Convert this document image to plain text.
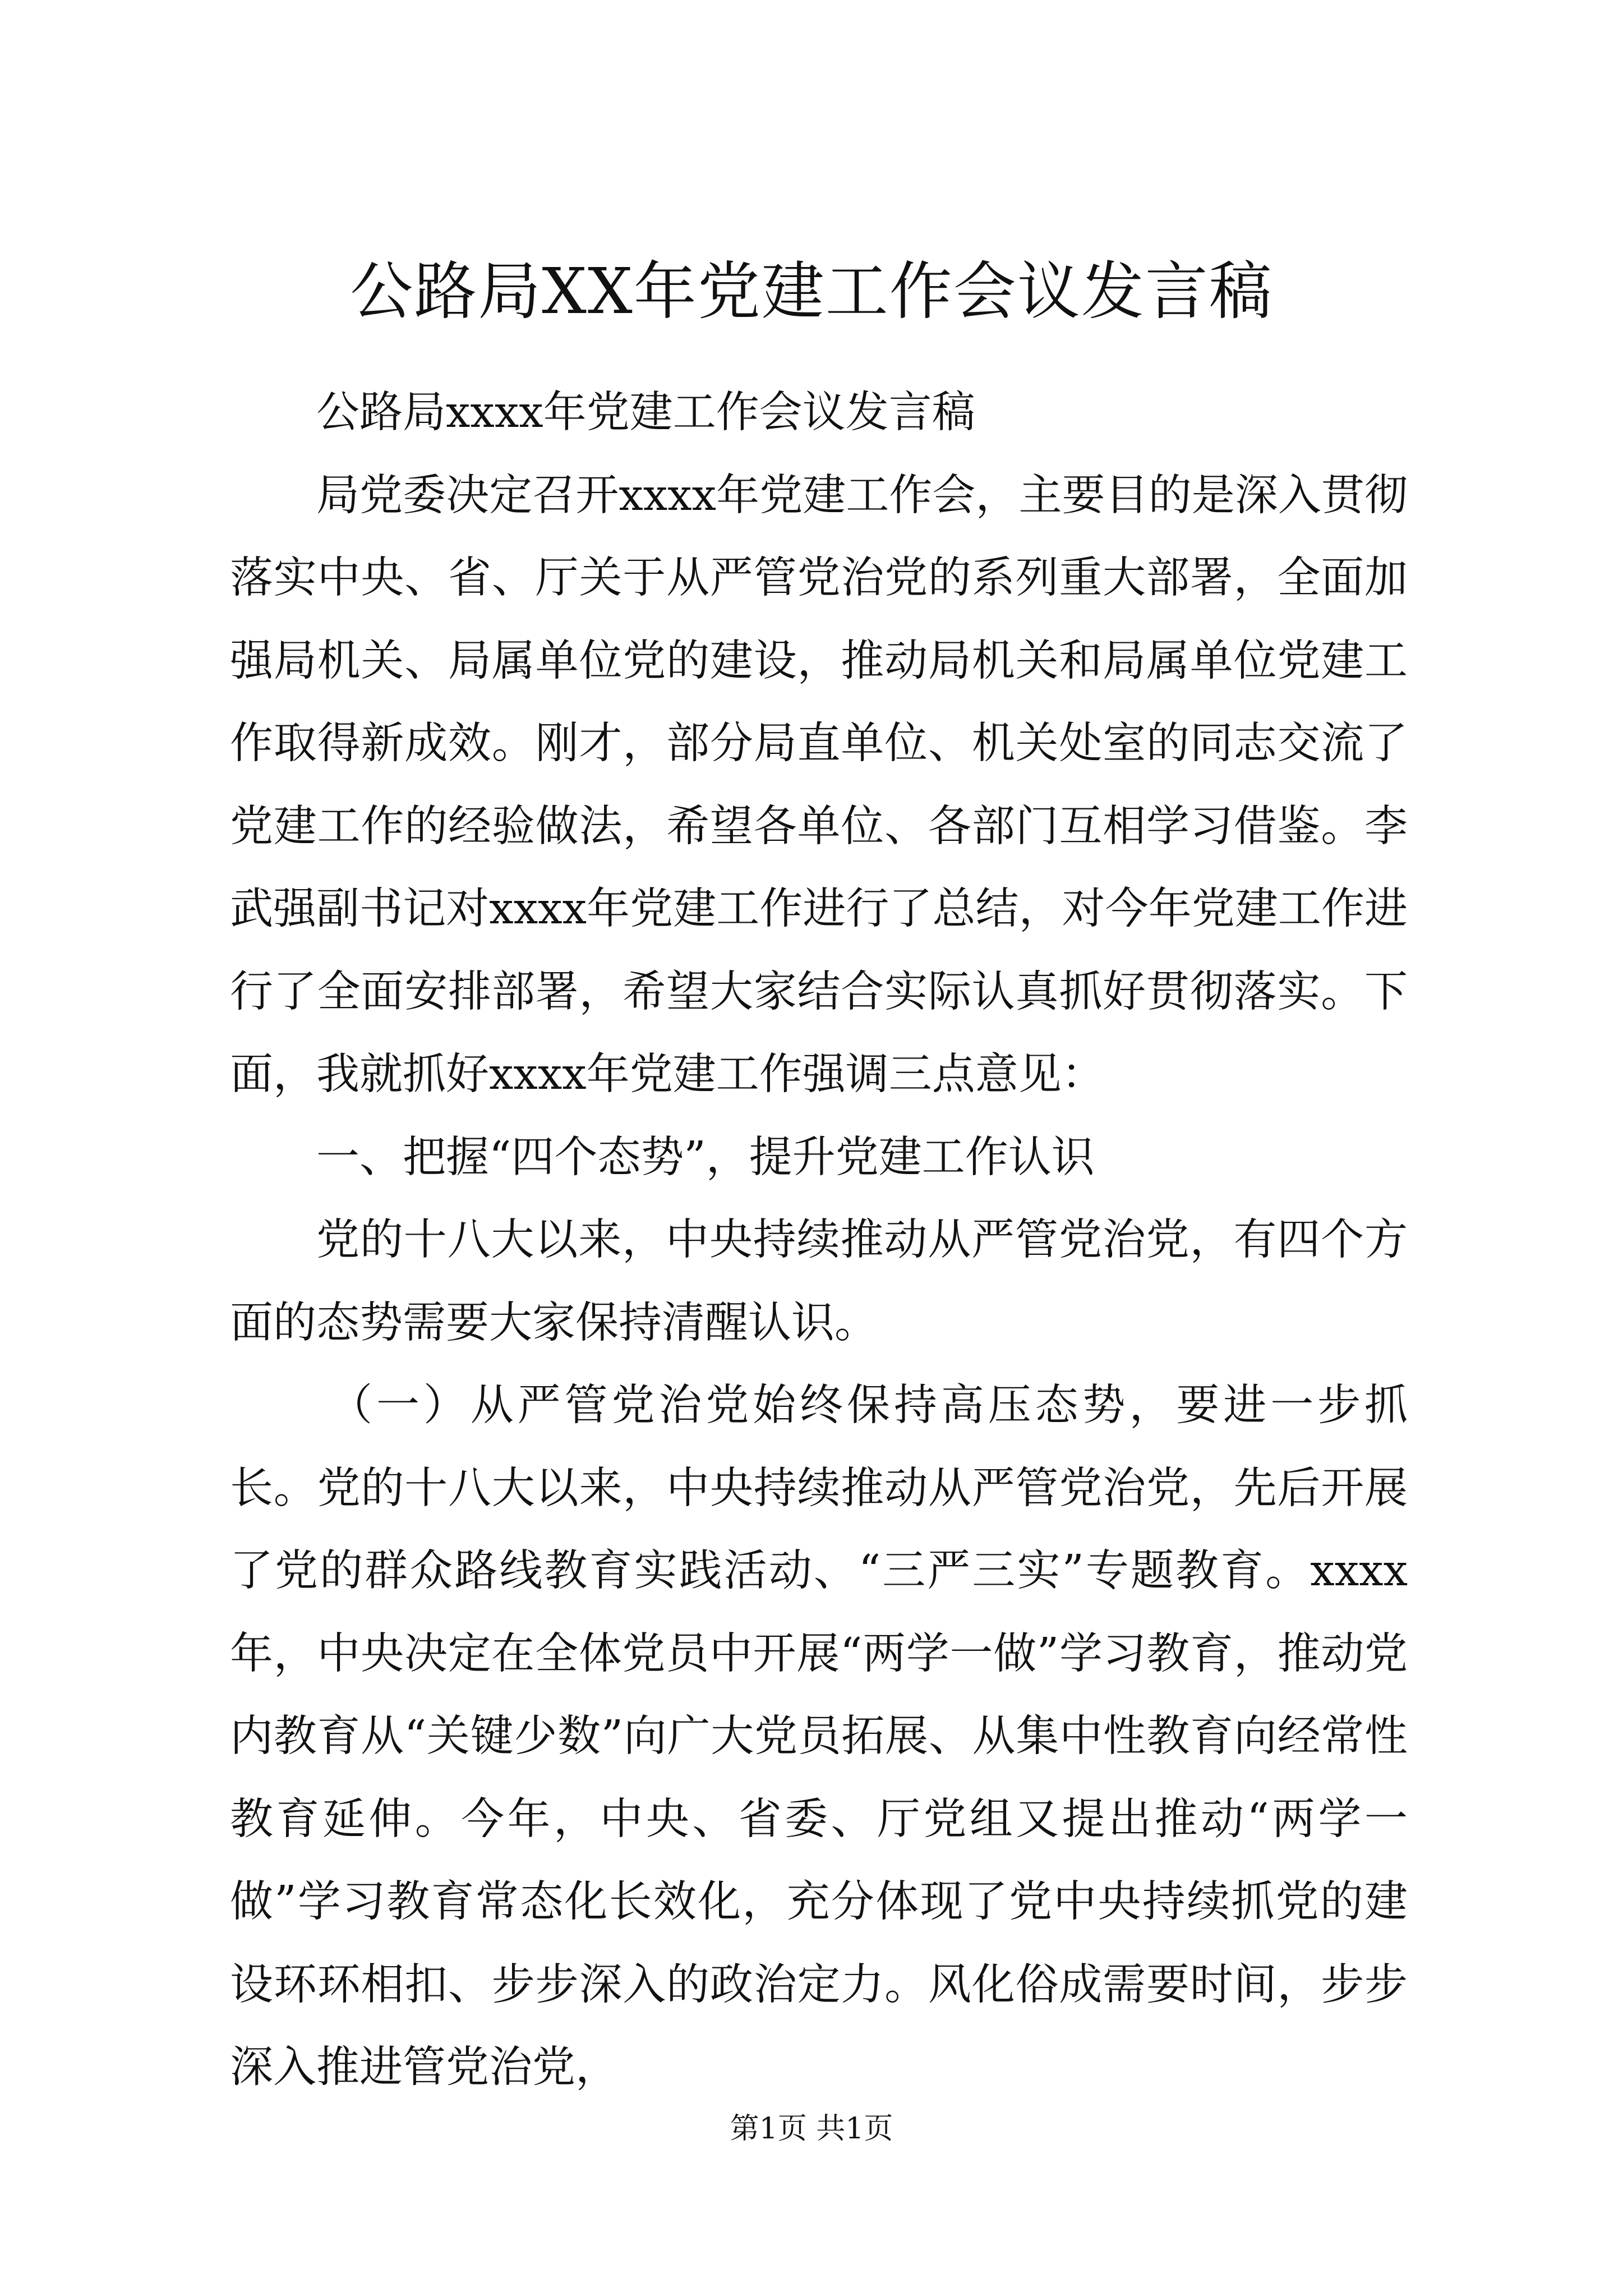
公路局XX年党建工作会议发言稿

公路局xxxx年党建工作会议发言稿

局党委决定召开xxxx年党建工作会，主要目的是深入贯彻落实中央、省、厅关于从严管党治党的系列重大部署，全面加强局机关、局属单位党的建设，推动局机关和局属单位党建工作取得新成效。刚才，部分局直单位、机关处室的同志交流了党建工作的经验做法，希望各单位、各部门互相学习借鉴。李武强副书记对xxxx年党建工作进行了总结，对今年党建工作进行了全面安排部署，希望大家结合实际认真抓好贯彻落实。下面，我就抓好xxxx年党建工作强调三点意见：

一、把握“四个态势”，提升党建工作认识

党的十八大以来，中央持续推动从严管党治党，有四个方面的态势需要大家保持清醒认识。

（一）从严管党治党始终保持高压态势，要进一步抓长。党的十八大以来，中央持续推动从严管党治党，先后开展了党的群众路线教育实践活动、“三严三实”专题教育。xxxx年，中央决定在全体党员中开展“两学一做”学习教育，推动党内教育从“关键少数”向广大党员拓展、从集中性教育向经常性教育延伸。今年，中央、省委、厅党组又提出推动“两学一做”学习教育常态化长效化，充分体现了党中央持续抓党的建设环环相扣、步步深入的政治定力。风化俗成需要时间，步步深入推进管党治党，

第1页 共1页
